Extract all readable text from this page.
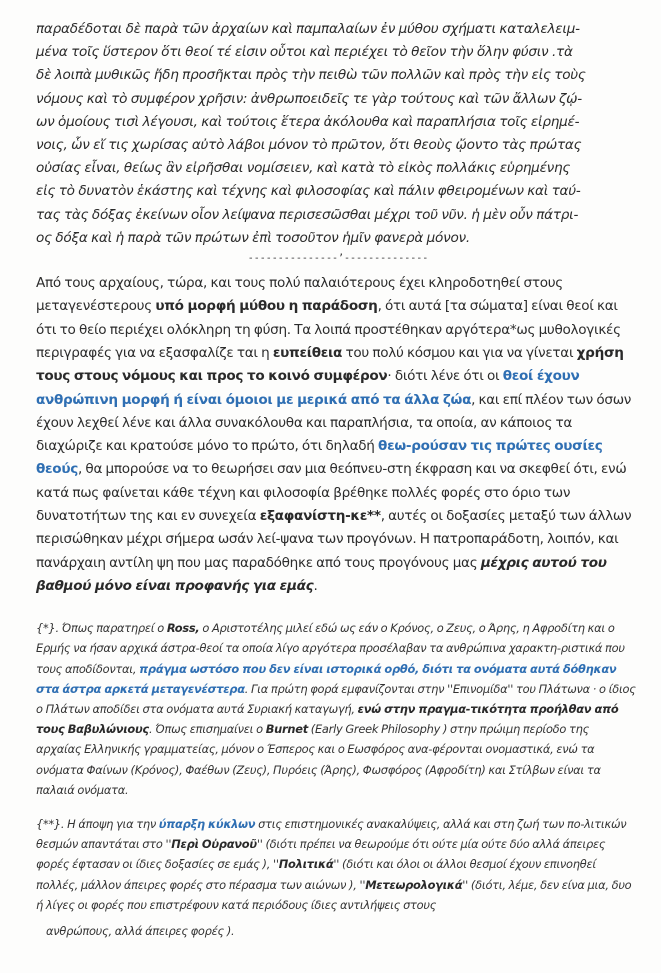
παραδέδοται δὲ παρὰ τῶν ἀρχαίων καὶ παμπαλαίων ἐν μύθου σχήματι καταλελειμ-
μένα τοῖς ὕστερον ὅτι θεοί τέ εἰσιν οὗτοι καὶ περιέχει τὸ θεῖον τὴν ὅλην φύσιν .τὰ
δὲ λοιπὰ μυθικῶς ἤδη προσῆκται πρὸς τὴν πειθὼ τῶν πολλῶν καὶ πρὸς τὴν εἰς τοὺς
νόμους καὶ τὸ συμφέρον χρῆσιν: ἀνθρωποειδεῖς τε γὰρ τούτους καὶ τῶν ἄλλων ζῴ-
ων ὁμοίους τισὶ λέγουσι, καὶ τούτοις ἕτερα ἀκόλουθα καὶ παραπλήσια τοῖς εἰρημέ-
νοις, ὧν εἴ τις χωρίσας αὐτὸ λάβοι μόνον τὸ πρῶτον, ὅτι θεοὺς ᾤοντο τὰς πρώτας
οὐσίας εἶναι, θείως ἂν εἰρῆσθαι νομίσειεν, καὶ κατὰ τὸ εἰκὸς πολλάκις εὑρημένης
εἰς τὸ δυνατὸν ἑκάστης καὶ τέχνης καὶ φιλοσοφίας καὶ πάλιν φθειρομένων καὶ ταύ-
τας τὰς δόξας ἐκείνων οἷον λείψανα περισεσῶσθαι μέχρι τοῦ νῦν. ἡ μὲν οὖν πάτρι-
ος δόξα καὶ ἡ παρὰ τῶν πρώτων ἐπὶ τοσοῦτον ἡμῖν φανερὰ μόνον.

---------------’--------------

Από τους αρχαίους, τώρα, και τους πολύ παλαιότερους έχει κληροδοτηθεί στους μεταγενέστερους υπό μορφή μύθου η παράδοση, ότι αυτά [τα σώματα] είναι θεοί και ότι το θείο περιέχει ολόκληρη τη φύση. Τα λοιπά προστέθηκαν αργότερα*ως μυθολογικές περιγραφές για να εξασφαλίζε ται η ευπείθεια του πολύ κόσμου και για να γίνεται χρήση τους στους νόμους και προς το κοινό συμφέρον· διότι λένε ότι οι θεοί έχουν ανθρώπινη μορφή ή είναι όμοιοι με μερικά από τα άλλα ζώα, και επί πλέον των όσων έχουν λεχθεί λένε και άλλα συνακόλουθα και παραπλήσια, τα οποία, αν κάποιος τα διαχώριζε και κρατούσε μόνο το πρώτο, ότι δηλαδή θεω-ρούσαν τις πρώτες ουσίες θεούς, θα μπορούσε να το θεωρήσει σαν μια θεόπνευ-στη έκφραση και να σκεφθεί ότι, ενώ κατά πως φαίνεται κάθε τέχνη και φιλοσοφία βρέθηκε πολλές φορές στο όριο των δυνατοτήτων της και εν συνεχεία εξαφανίστη-κε**, αυτές οι δοξασίες μεταξύ των άλλων περισώθηκαν μέχρι σήμερα ωσάν λεί-ψανα των προγόνων. Η πατροπαράδοτη, λοιπόν, και πανάρχαιη αντίλη ψη που μας παραδόθηκε από τους προγόνους μας μέχρις αυτού του βαθμού μόνο είναι προφανής για εμάς.

{*}. Όπως παρατηρεί ο Ross, ο Αριστοτέλης μιλεί εδώ ως εάν ο Κρόνος, ο Ζευς, ο Άρης, η Αφροδίτη και ο Ερμής να ήσαν αρχικά άστρα-θεοί τα οποία λίγο αργότερα προσέλαβαν τα ανθρώπινα χαρακτη-ριστικά που τους αποδίδονται, πράγμα ωστόσο που δεν είναι ιστορικά ορθό, διότι τα ονόματα αυτά δόθηκαν στα άστρα αρκετά μεταγενέστερα. Για πρώτη φορά εμφανίζονται στην ''Επινομίδα'' του Πλάτωνα · ο ίδιος ο Πλάτων αποδίδει στα ονόματα αυτά Συριακή καταγωγή, ενώ στην πραγμα-τικότητα προήλθαν από τους Βαβυλώνιους. Όπως επισημαίνει ο Burnet (Early Greek Philosophy ) στην πρώιμη περίοδο της αρχαίας Ελληνικής γραμματείας, μόνον ο Έσπερος και ο Εωσφόρος ανα-φέρονται ονομαστικά, ενώ τα ονόματα Φαίνων (Κρόνος), Φαέθων (Ζευς), Πυρόεις (Άρης), Φωσφόρος (Αφροδίτη) και Στίλβων είναι τα παλαιά ονόματα.

{**}. Η άποψη για την ύπαρξη κύκλων στις επιστημονικές ανακαλύψεις, αλλά και στη ζωή των πο-λιτικών θεσμών απαντάται στο ''Περὶ Οὐρανοῦ'' (διότι πρέπει να θεωρούμε ότι ούτε μία ούτε δύο αλλά άπειρες φορές έφτασαν οι ίδιες δοξασίες σε εμάς ), ''Πολιτικά'' (διότι και όλοι οι άλλοι θεσμοί έχουν επινοηθεί πολλές, μάλλον άπειρες φορές στο πέρασμα των αιώνων ), ''Μετεωρολογικά'' (διότι, λέμε, δεν είνα μια, δυο ή λίγες οι φορές που επιστρέφουν κατά περιόδους ίδιες αντιλήψεις στους
ανθρώπους, αλλά άπειρες φορές ).
